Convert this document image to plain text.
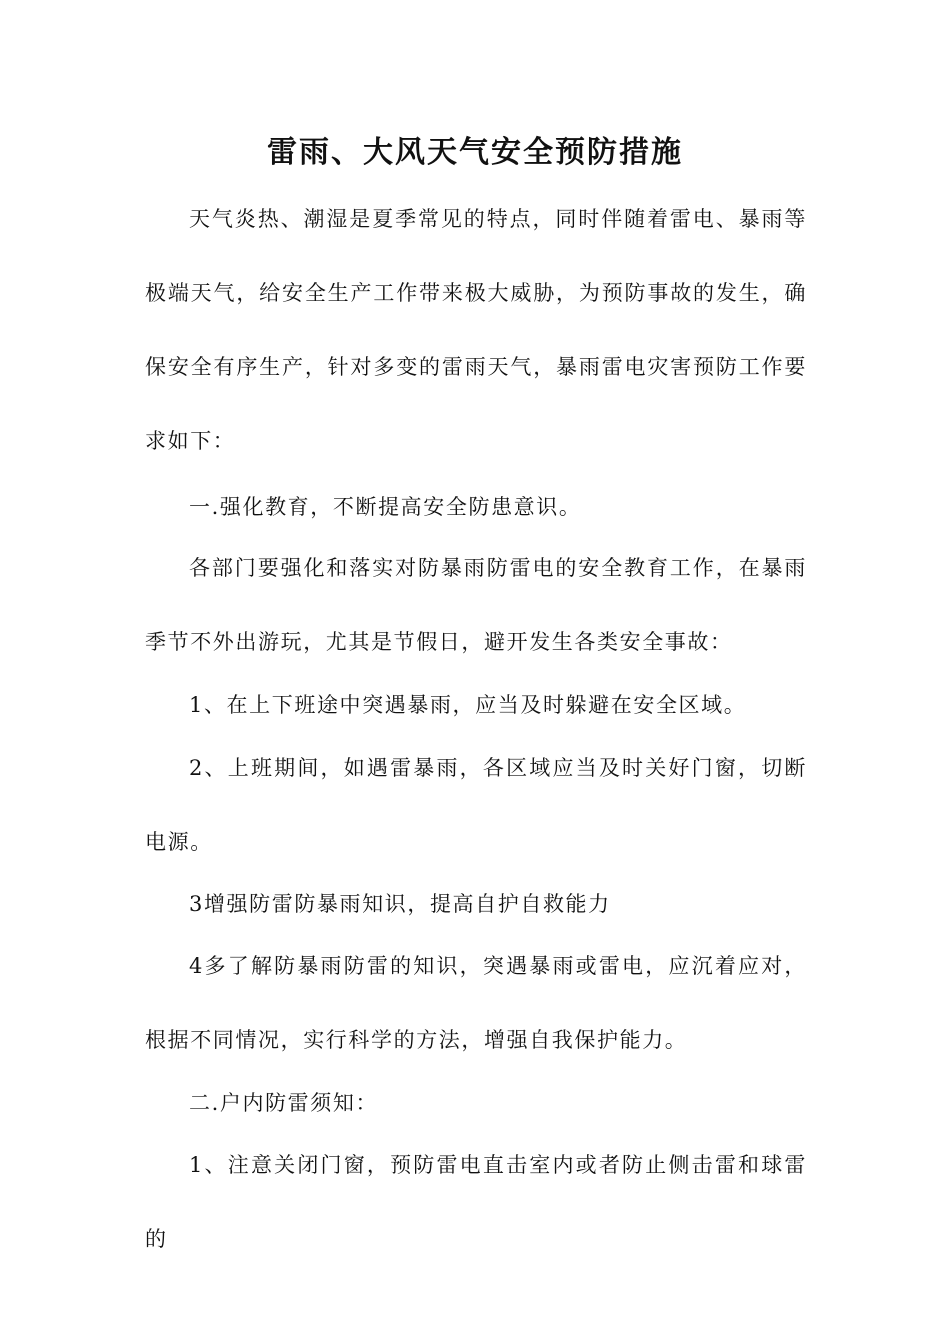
雷雨、大风天气安全预防措施

天气炎热、潮湿是夏季常见的特点，同时伴随着雷电、暴雨等极端天气，给安全生产工作带来极大威胁，为预防事故的发生，确保安全有序生产，针对多变的雷雨天气，暴雨雷电灾害预防工作要求如下：

一.强化教育，不断提高安全防患意识。

各部门要强化和落实对防暴雨防雷电的安全教育工作，在暴雨季节不外出游玩，尤其是节假日，避开发生各类安全事故：

1、在上下班途中突遇暴雨，应当及时躲避在安全区域。

2、上班期间，如遇雷暴雨，各区域应当及时关好门窗，切断电源。

3增强防雷防暴雨知识，提高自护自救能力

4多了解防暴雨防雷的知识，突遇暴雨或雷电，应沉着应对，根据不同情况，实行科学的方法，增强自我保护能力。

二.户内防雷须知：

1、注意关闭门窗，预防雷电直击室内或者防止侧击雷和球雷的
